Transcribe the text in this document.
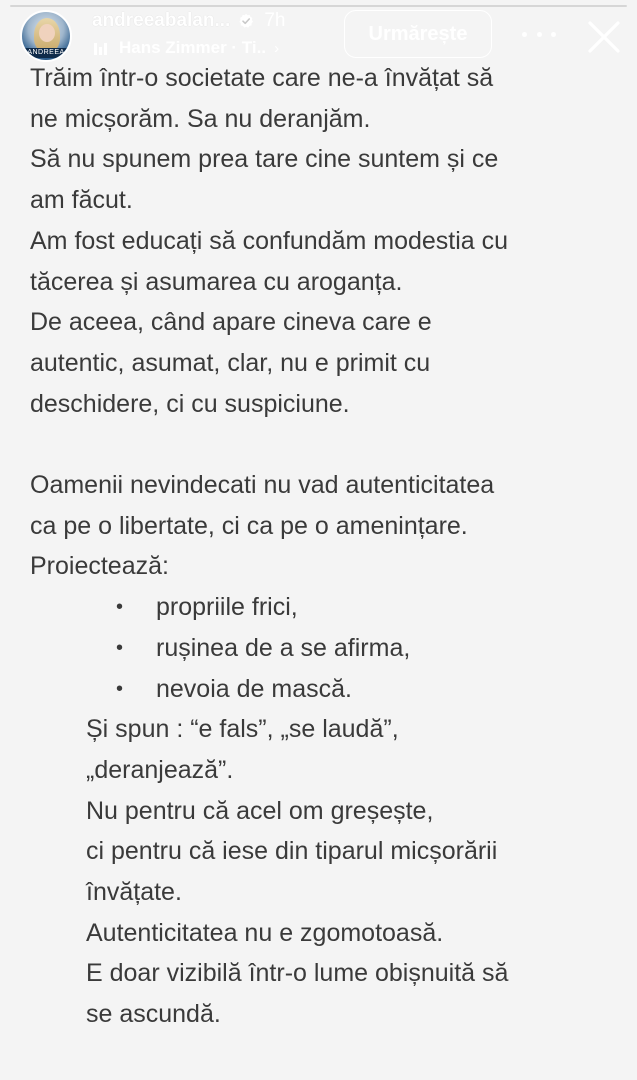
ANDREEA
andreeabalan... 7h
Hans Zimmer · Ti.. ›
Urmărește

Trăim într-o societate care ne-a învățat să
ne micșorăm. Sa nu deranjăm.

Să nu spunem prea tare cine suntem și ce
am făcut.

Am fost educați să confundăm modestia cu
tăcerea și asumarea cu aroganța.

De aceea, când apare cineva care e
autentic, asumat, clar, nu e primit cu
deschidere, ci cu suspiciune.

Oamenii nevindecati nu vad autenticitatea
ca pe o libertate, ci ca pe o amenințare.
Proiectează:

• propriile frici,
• rușinea de a se afirma,
• nevoia de mască.

Și spun : “e fals”, „se laudă”,
„deranjează”.
Nu pentru că acel om greșește,
ci pentru că iese din tiparul micșorării
învățate.
Autenticitatea nu e zgomotoasă.
E doar vizibilă într-o lume obișnuită să
se ascundă.
